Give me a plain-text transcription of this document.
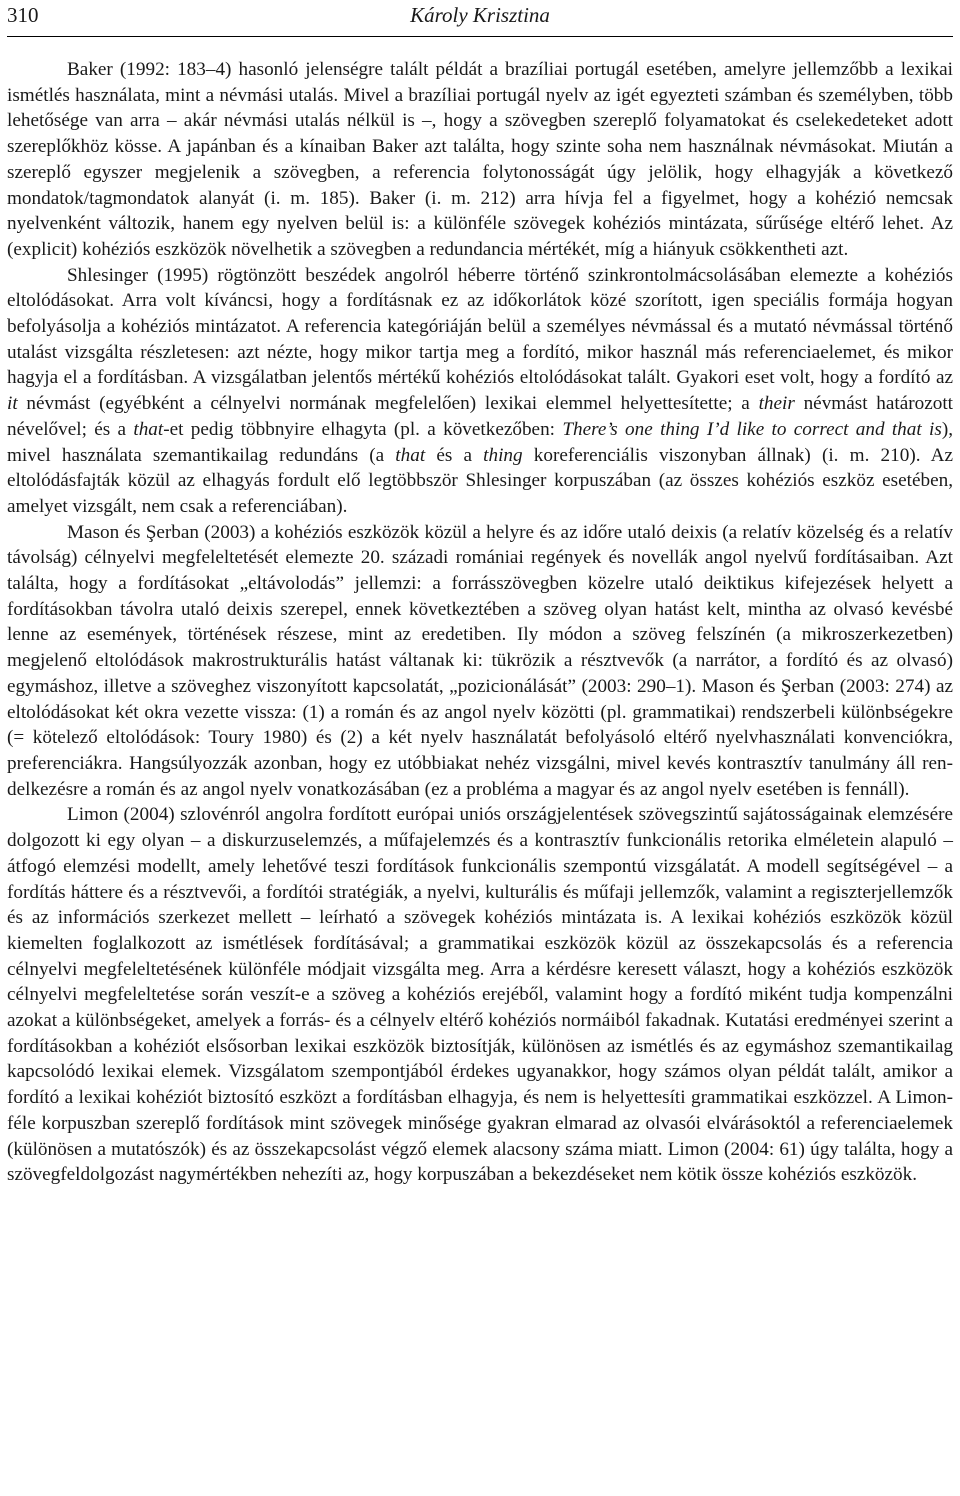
310	Károly Krisztina

Baker (1992: 183–4) hasonló jelenségre talált példát a brazíliai portugál esetében, amelyre jellemzőbb a lexikai ismétlés használata, mint a névmási utalás. Mivel a brazíliai portugál nyelv az igét egyezteti számban és személyben, több lehetősége van arra – akár névmási utalás nélkül is –, hogy a szövegben szereplő folyamatokat és cselekedeteket adott szereplőkhöz kösse. A japánban és a kínaiban Baker azt találta, hogy szinte soha nem használnak névmásokat. Miután a szereplő egyszer megjelenik a szövegben, a referencia folytonosságát úgy jelölik, hogy elhagyják a következő mondatok/tagmondatok alanyát (i. m. 185). Baker (i. m. 212) arra hívja fel a figyelmet, hogy a kohézió nemcsak nyelvenként változik, hanem egy nyelven belül is: a különféle szövegek kohéziós mintázata, sűrűsége eltérő lehet. Az (explicit) kohéziós eszközök növelhetik a szövegben a redundancia mértékét, míg a hiányuk csökkentheti azt.

Shlesinger (1995) rögtönzött beszédek angolról héberre történő szinkrontolmácsolásában elemezte a kohéziós eltolódásokat. Arra volt kíváncsi, hogy a fordításnak ez az időkorlátok közé szorított, igen speciális formája hogyan befolyásolja a kohéziós mintázatot. A referencia kategóriáján belül a személyes névmással és a mutató névmással történő utalást vizsgálta részletesen: azt nézte, hogy mikor tartja meg a fordító, mikor használ más referenciaelemet, és mikor hagyja el a fordításban. A vizsgálatban jelentős mértékű kohéziós eltolódásokat talált. Gyakori eset volt, hogy a fordító az it névmást (egyébként a célnyelvi normának megfelelően) lexikai elemmel helyettesítette; a their névmást határozott névelővel; és a that-et pedig többnyire elhagyta (pl. a következőben: There’s one thing I’d like to correct and that is), mivel használata szemantikailag redundáns (a that és a thing koreferenciális viszonyban állnak) (i. m. 210). Az eltolódásfajták közül az elhagyás fordult elő legtöbbször Shlesinger korpuszában (az összes kohéziós eszköz esetében, amelyet vizsgált, nem csak a referenciában).

Mason és Şerban (2003) a kohéziós eszközök közül a helyre és az időre utaló deixis (a relatív közelség és a relatív távolság) célnyelvi megfeleltetését elemezte 20. századi romániai regények és novellák angol nyelvű fordításaiban. Azt találta, hogy a fordításokat „eltávolodás” jellemzi: a forrásszövegben közelre utaló deiktikus kifejezések helyett a fordításokban távolra utaló deixis szerepel, ennek következtében a szöveg olyan hatást kelt, mintha az olvasó kevésbé lenne az események, történések részese, mint az eredetiben. Ily módon a szöveg felszínén (a mikroszerkezetben) megjelenő eltolódások makrostrukturális hatást váltanak ki: tükrözik a résztvevők (a narrátor, a fordító és az olvasó) egymáshoz, illetve a szöveghez viszonyított kapcsolatát, „pozicionálását” (2003: 290–1). Mason és Şerban (2003: 274) az eltolódásokat két okra vezette vissza: (1) a román és az angol nyelv közötti (pl. grammatikai) rendszerbeli különbségekre (= kötelező eltolódások: Toury 1980) és (2) a két nyelv használatát befolyásoló eltérő nyelvhasználati konvenciókra, preferenciákra. Hangsúlyozzák azonban, hogy ez utóbbiakat nehéz vizsgálni, mivel kevés kontrasztív tanulmány áll rendelkezésre a román és az angol nyelv vonatkozásában (ez a probléma a magyar és az angol nyelv esetében is fennáll).

Limon (2004) szlovénról angolra fordított európai uniós országjelentések szövegszintű sajátosságainak elemzésére dolgozott ki egy olyan – a diskurzuselemzés, a műfajelemzés és a kontrasztív funkcionális retorika elméletein alapuló – átfogó elemzési modellt, amely lehetővé teszi fordítások funkcionális szempontú vizsgálatát. A modell segítségével – a fordítás háttere és a résztvevői, a fordítói stratégiák, a nyelvi, kulturális és műfaji jellemzők, valamint a regiszterjellemzők és az információs szerkezet mellett – leírható a szövegek kohéziós mintázata is. A lexikai kohéziós eszközök közül kiemelten foglalkozott az ismétlések fordításával; a grammatikai eszközök közül az összekapcsolás és a referencia célnyelvi megfeleltetésének különféle módjait vizsgálta meg. Arra a kérdésre keresett választ, hogy a kohéziós eszközök célnyelvi megfeleltetése során veszít-e a szöveg a kohéziós erejéből, valamint hogy a fordító miként tudja kompenzálni azokat a különbségeket, amelyek a forrás- és a célnyelv eltérő kohéziós normáiból fakadnak. Kutatási eredményei szerint a fordításokban a kohéziót elsősorban lexikai eszközök biztosítják, különösen az ismétlés és az egymáshoz szemantikailag kapcsolódó lexikai elemek. Vizsgálatom szempontjából érdekes ugyanakkor, hogy számos olyan példát talált, amikor a fordító a lexikai kohéziót biztosító eszközt a fordításban elhagyja, és nem is helyettesíti grammatikai eszközzel. A Limon-féle korpuszban szereplő fordítások mint szövegek minősége gyakran elmarad az olvasói elvárásoktól a referenciaelemek (különösen a mutatószók) és az összekapcsolást végző elemek alacsony száma miatt. Limon (2004: 61) úgy találta, hogy a szövegfeldolgozást nagymértékben nehezíti az, hogy korpuszában a bekezdéseket nem kötik össze kohéziós eszközök.
